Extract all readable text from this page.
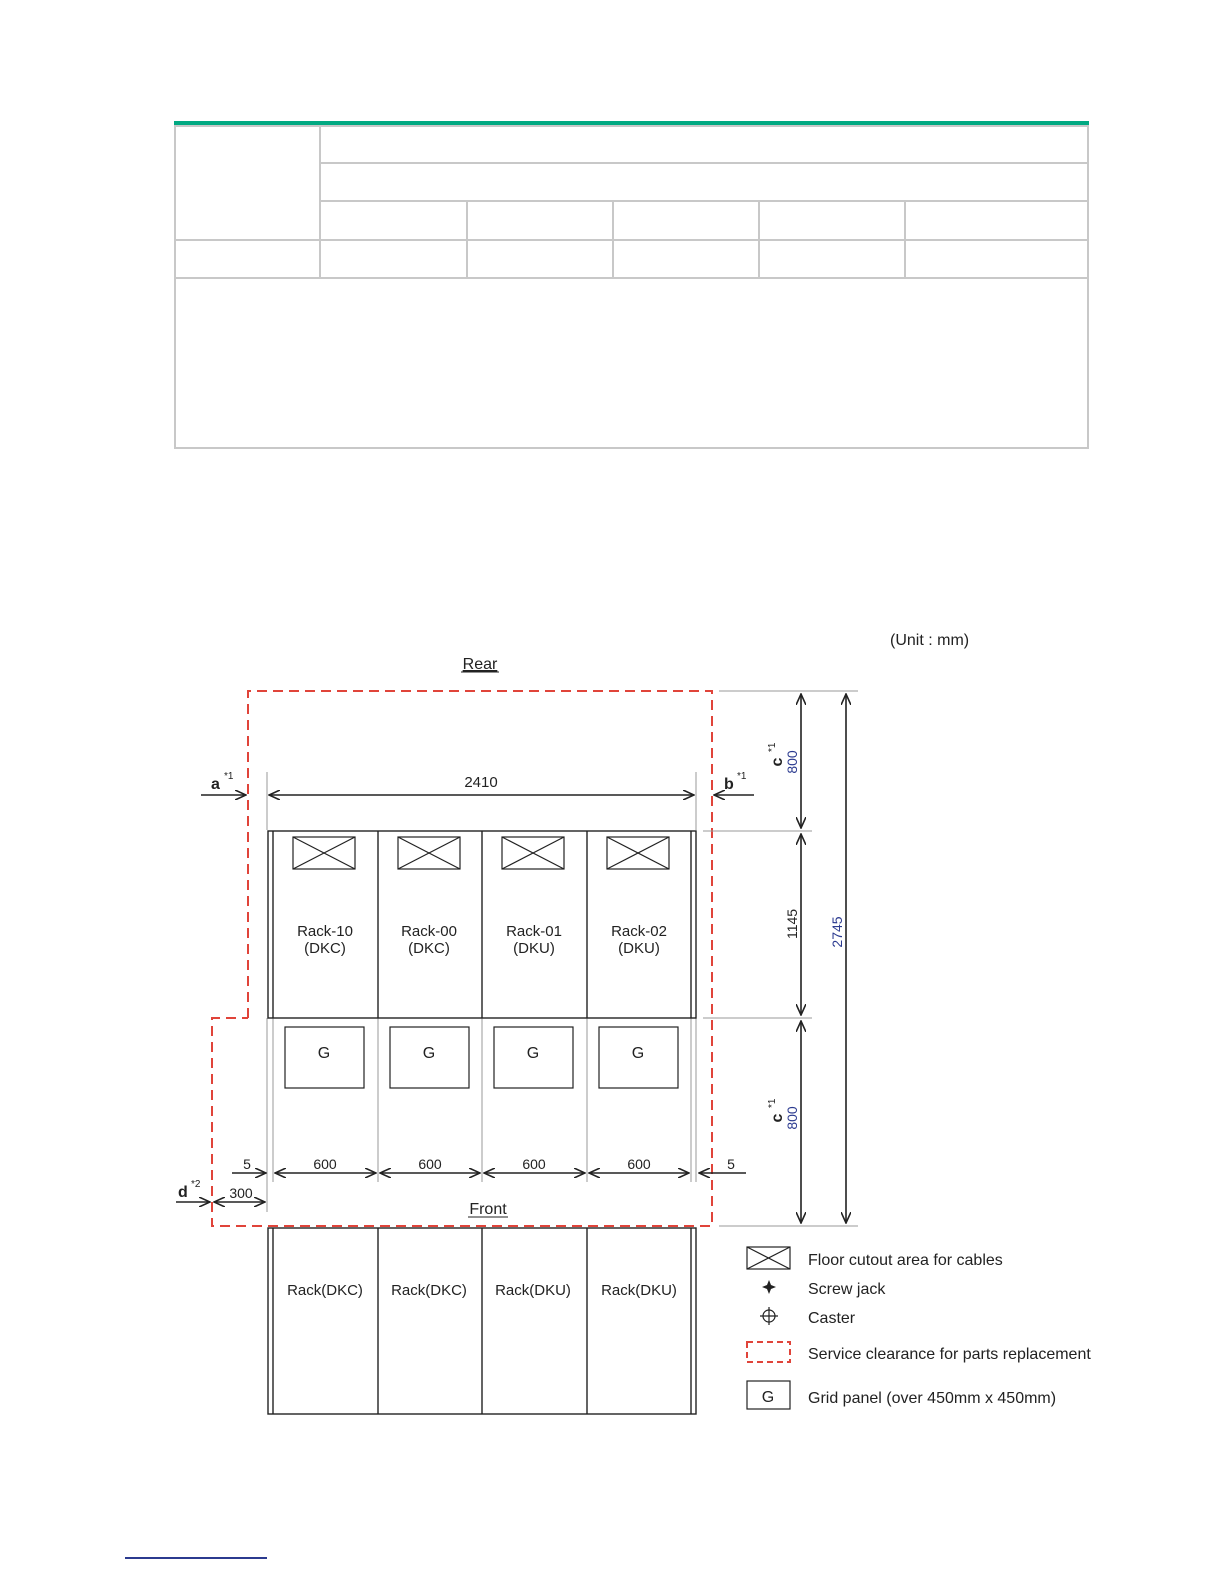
(Unit : mm)
Rear
Rack-10
(DKC)
Rack-00
(DKC)
Rack-01
(DKU)
Rack-02
(DKU)
G	G	G	G
2410
a *1	b *1
800
c
*1
1145
800
c
*1
2745
5	600	600	600	600	5
d *2
300
Front
Rack(DKC) Rack(DKC) Rack(DKU) Rack(DKU)
Floor cutout area for cables
Screw jack
Caster
Service clearance for parts replacement
G Grid panel (over 450mm x 450mm)
